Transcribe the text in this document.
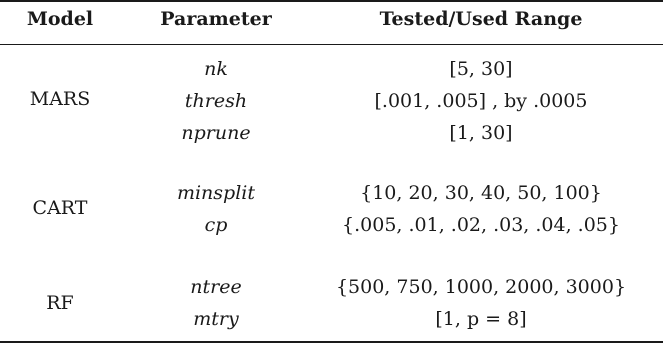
Model	Parameter	Tested/Used Range
MARS
nk	[5, 30]
thresh	[.001, .005] , by .0005
nprune	[1, 30]
CART
minsplit	{10, 20, 30, 40, 50, 100}
cp	{.005, .01, .02, .03, .04, .05}
RF
ntree	{500, 750, 1000, 2000, 3000}
mtry	[1, p = 8]
